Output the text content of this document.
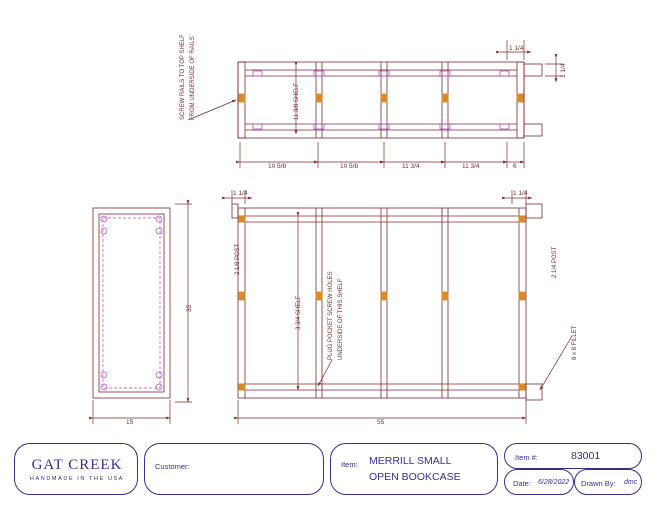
SCREW RAILS TO TOP SHELF FROM UNDERSIDE OF RAILS	11 3/8 SHELF
10 5/8	10 5/8	11 3/4	11 3/4	6
1 1/4
1 1/4
35
15	55
1 1/4	1 1/4
2 1/8 POST	2 1/4 POST
8 x 8 FILLET
3 3/4 SHELF	PLUG POCKET SCREW HOLES UNDERSIDE OF THIS SHELF
GAT CREEK
HANDMADE IN THE USA
Customer:	Item: MERRILL SMALL
OPEN BOOKCASE
Item #:	83001
Date: 6/28/2022 Drawn By: dmc
